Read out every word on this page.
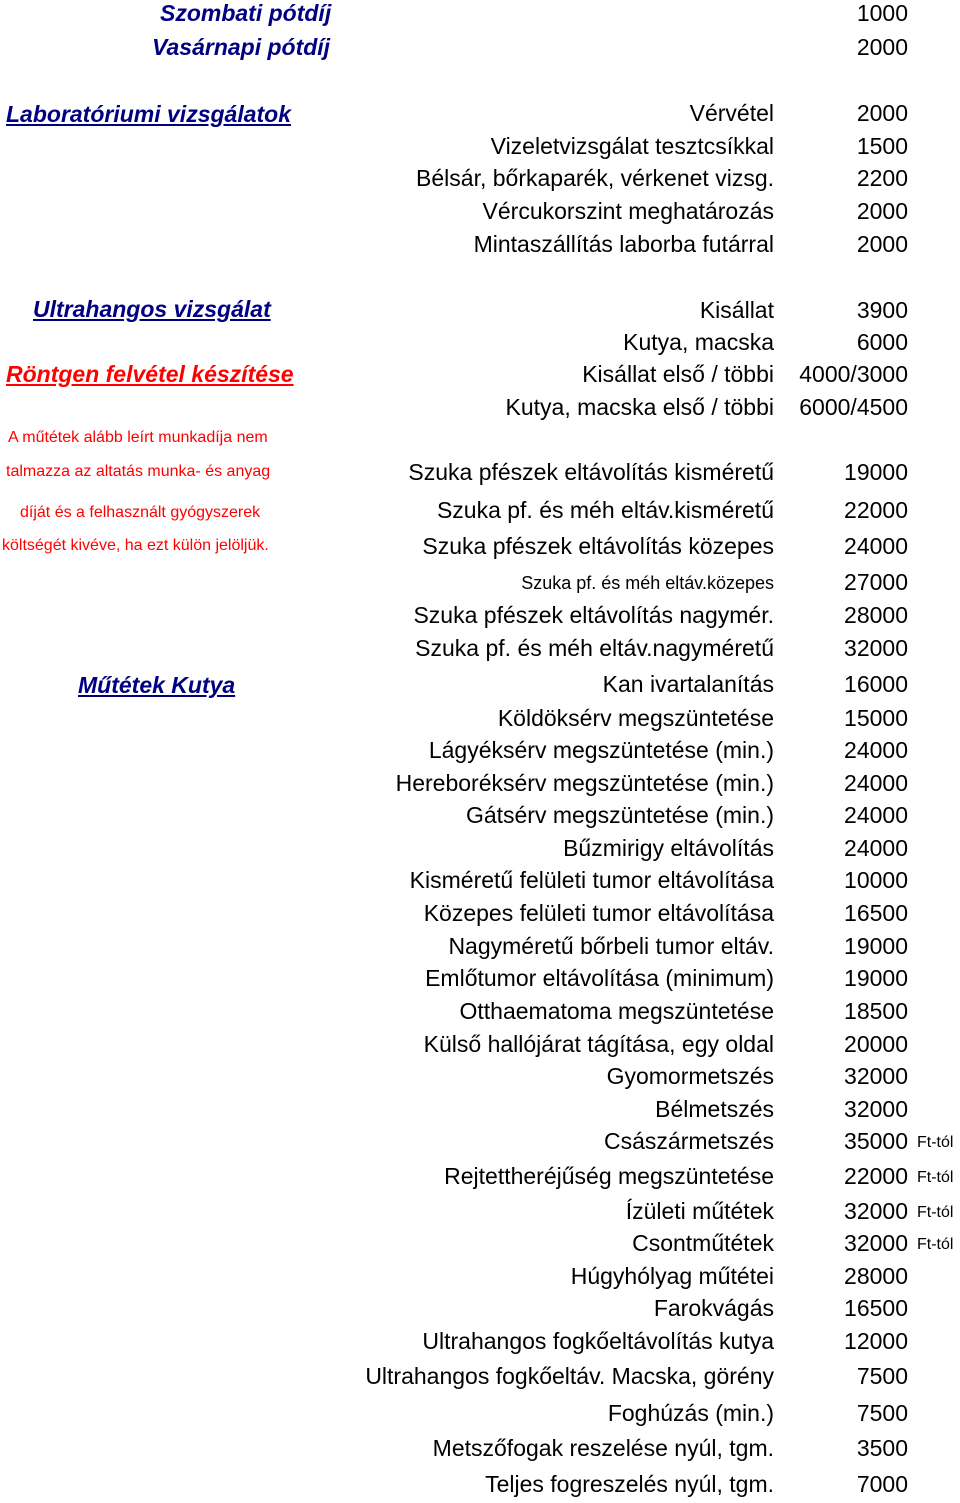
Szombati pótdíj	1000
Vasárnapi pótdíj	2000
Laboratóriumi vizsgálatok
Ultrahangos vizsgálat
Röntgen felvétel készítése
A műtétek alább leírt munkadíja nem
talmazza az altatás munka- és anyag
díját és a felhasznált gyógyszerek
költségét kivéve, ha ezt külön jelöljük.
Műtétek Kutya
Vérvétel	2000
Vizeletvizsgálat tesztcsíkkal	1500
Bélsár, bőrkaparék, vérkenet vizsg.	2200
Vércukorszint meghatározás	2000
Mintaszállítás laborba futárral	2000
Kisállat	3900
Kutya, macska	6000
Kisállat első / többi 4000/3000
Kutya, macska első / többi 6000/4500
Szuka pfészek eltávolítás kisméretű	19000
Szuka pf. és méh eltáv.kisméretű	22000
Szuka pfészek eltávolítás közepes	24000
Szuka pf. és méh eltáv.közepes	27000
Szuka pfészek eltávolítás nagymér.	28000
Szuka pf. és méh eltáv.nagyméretű	32000
Kan ivartalanítás	16000
Köldöksérv megszüntetése	15000
Lágyéksérv megszüntetése (min.)	24000
Hereboréksérv megszüntetése (min.)	24000
Gátsérv megszüntetése (min.)	24000
Bűzmirigy eltávolítás	24000
Kisméretű felületi tumor eltávolítása	10000
Közepes felületi tumor eltávolítása	16500
Nagyméretű bőrbeli tumor eltáv.	19000
Emlőtumor eltávolítása (minimum)	19000
Otthaematoma megszüntetése	18500
Külső hallójárat tágítása, egy oldal	20000
Gyomormetszés	32000
Bélmetszés	32000
Császármetszés	35000 Ft-tól
Rejtettheréjűség megszüntetése	22000 Ft-tól
Ízületi műtétek	32000 Ft-tól
Csontműtétek	32000 Ft-tól
Húgyhólyag műtétei	28000
Farokvágás	16500
Ultrahangos fogkőeltávolítás kutya	12000
Ultrahangos fogkőeltáv. Macska, görény	7500
Foghúzás (min.)	7500
Metszőfogak reszelése nyúl, tgm.	3500
Teljes fogreszelés nyúl, tgm.	7000
